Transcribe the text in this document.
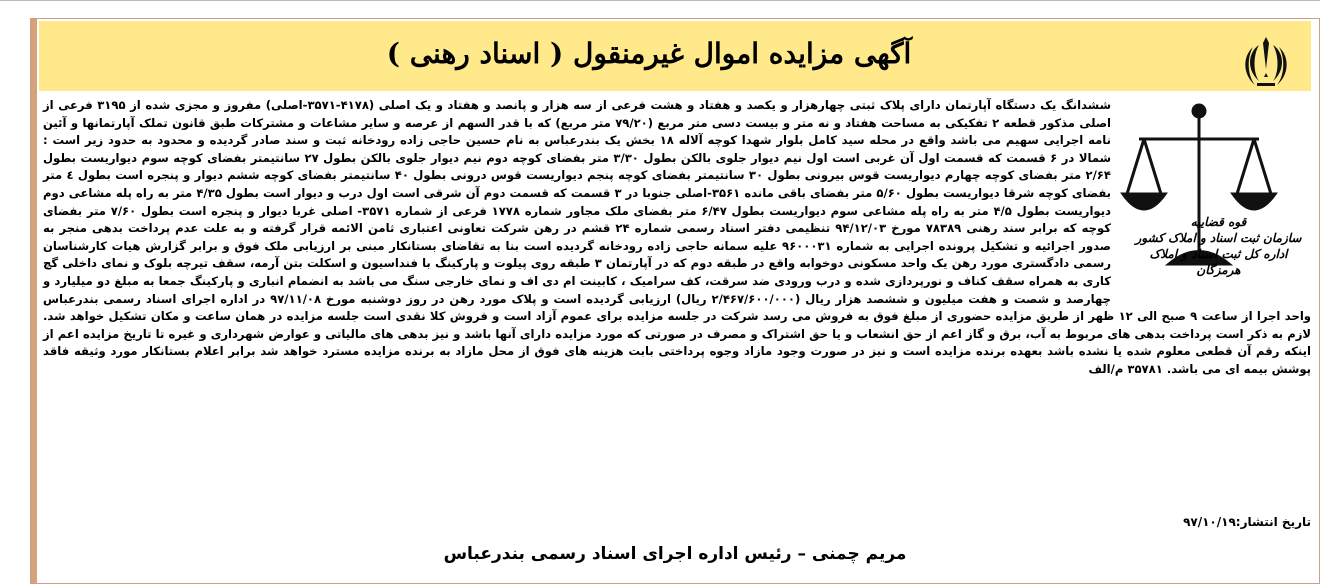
آگهی مزایده اموال غیرمنقول ( اسناد رهنی )
قوه قضاییه
سازمان ثبت اسناد و املاک کشور
اداره کل ثبت اسناد و املاک هرمزگان
ششدانگ یک دستگاه آپارتمان دارای پلاک ثبتی چهارهزار و یکصد و هفتاد و هشت فرعی از سه هزار و پانصد و هفتاد و یک اصلی (۴۱۷۸-۳۵۷۱-اصلی) مفروز و مجزی شده از ۳۱۹۵ فرعی از اصلی مذکور قطعه ۲ تفکیکی به مساحت هفتاد و نه متر و بیست دسی متر مربع (۷۹/۲۰ متر مربع) که با قدر السهم از عرصه و سایر مشاعات و مشترکات طبق قانون تملک آپارتمانها و آئین نامه اجرایی سهیم می باشد واقع در محله سید کامل بلوار شهدا کوچه آلاله ۱۸ بخش یک بندرعباس به نام حسین حاجی زاده رودخانه ثبت و سند صادر گردیده و محدود به حدود زیر است : شمالا در ۶ قسمت که قسمت اول آن غربی است اول نیم دیوار جلوی بالکن بطول ۳/۳۰ متر بفضای کوچه دوم نیم دیوار جلوی بالکن بطول ۲۷ سانتیمتر بفضای کوچه سوم دیواریست بطول ۲/۶۴ متر بفضای کوچه چهارم دیواریست قوس بیرونی بطول ۳۰ سانتیمتر بفضای کوچه پنجم دیواریست قوس درونی بطول ۴۰ سانتیمتر بفضای کوچه ششم دیوار و پنجره است بطول ٤ متر بفضای کوچه شرقا دیواریست بطول ۵/۶۰ متر بفضای باقی مانده ۳۵۶۱-اصلی جنوبا در ۳ قسمت که قسمت دوم آن شرقی است اول درب و دیوار است بطول ۴/۳۵ متر به راه پله مشاعی دوم دیواریست بطول ۴/۵ متر به راه پله مشاعی سوم دیواریست بطول ۶/۴۷ متر بفضای ملک مجاور شماره ۱۷۷۸ فرعی از شماره ۳۵۷۱- اصلی غربا دیوار و پنجره است بطول ۷/۶۰ متر بفضای کوچه که برابر سند رهنی ۷۸۳۸۹ مورخ ۹۴/۱۲/۰۳ تنظیمی دفتر اسناد رسمی شماره ۲۴ قشم در رهن شرکت تعاونی اعتباری ثامن الائمه قرار گرفته و به علت عدم پرداخت بدهی منجر به صدور اجرائیه و تشکیل پرونده اجرایی به شماره ۹۶۰۰۰۳۱ علیه سمانه حاجی زاده رودخانه گردیده است بنا به تقاضای بستانکار مبنی بر ارزیابی ملک فوق و برابر گزارش هیات کارشناسان رسمی دادگستری مورد رهن یک واحد مسکونی دوخوابه واقع در طبقه دوم که در آپارتمان ۳ طبقه روی پیلوت و پارکینگ با فنداسیون و اسکلت بتن آرمه، سقف تیرچه بلوک و نمای داخلی گچ کاری به همراه سقف کناف و نورپردازی شده و درب ورودی ضد سرقت، کف سرامیک ، کابینت ام دی اف و نمای خارجی سنگ می باشد به انضمام انباری و پارکینگ جمعا به مبلغ دو میلیارد و چهارصد و شصت و هفت میلیون و ششصد هزار ریال (۲/۴۶۷/۶۰۰/۰۰۰ ریال) ارزیابی گردیده است و پلاک مورد رهن در روز دوشنبه مورخ ۹۷/۱۱/۰۸ در اداره اجرای اسناد رسمی بندرعباس واحد اجرا از ساعت ۹ صبح الی ۱۲ ظهر از طریق مزایده حضوری از مبلغ فوق به فروش می رسد شرکت در جلسه مزایده برای عموم آزاد است و فروش کلا نقدی است جلسه مزایده در همان ساعت و مکان تشکیل خواهد شد. لازم به ذکر است پرداخت بدهی های مربوط به آب، برق و گاز اعم از حق انشعاب و یا حق اشتراک و مصرف در صورتی که مورد مزایده دارای آنها باشد و نیز بدهی های مالیاتی و عوارض شهرداری و غیره تا تاریخ مزایده اعم از اینکه رقم آن قطعی معلوم شده یا نشده باشد بعهده برنده مزایده است و نیز در صورت وجود مازاد وجوه پرداختی بابت هزینه های فوق از محل مازاد به برنده مزایده مسترد خواهد شد برابر اعلام بستانکار مورد وثیقه فاقد پوشش بیمه ای می باشد. ۳۵۷۸۱ م/الف
تاریخ انتشار:۹۷/۱۰/۱۹
مریم چمنی – رئیس اداره اجرای اسناد رسمی بندرعباس
